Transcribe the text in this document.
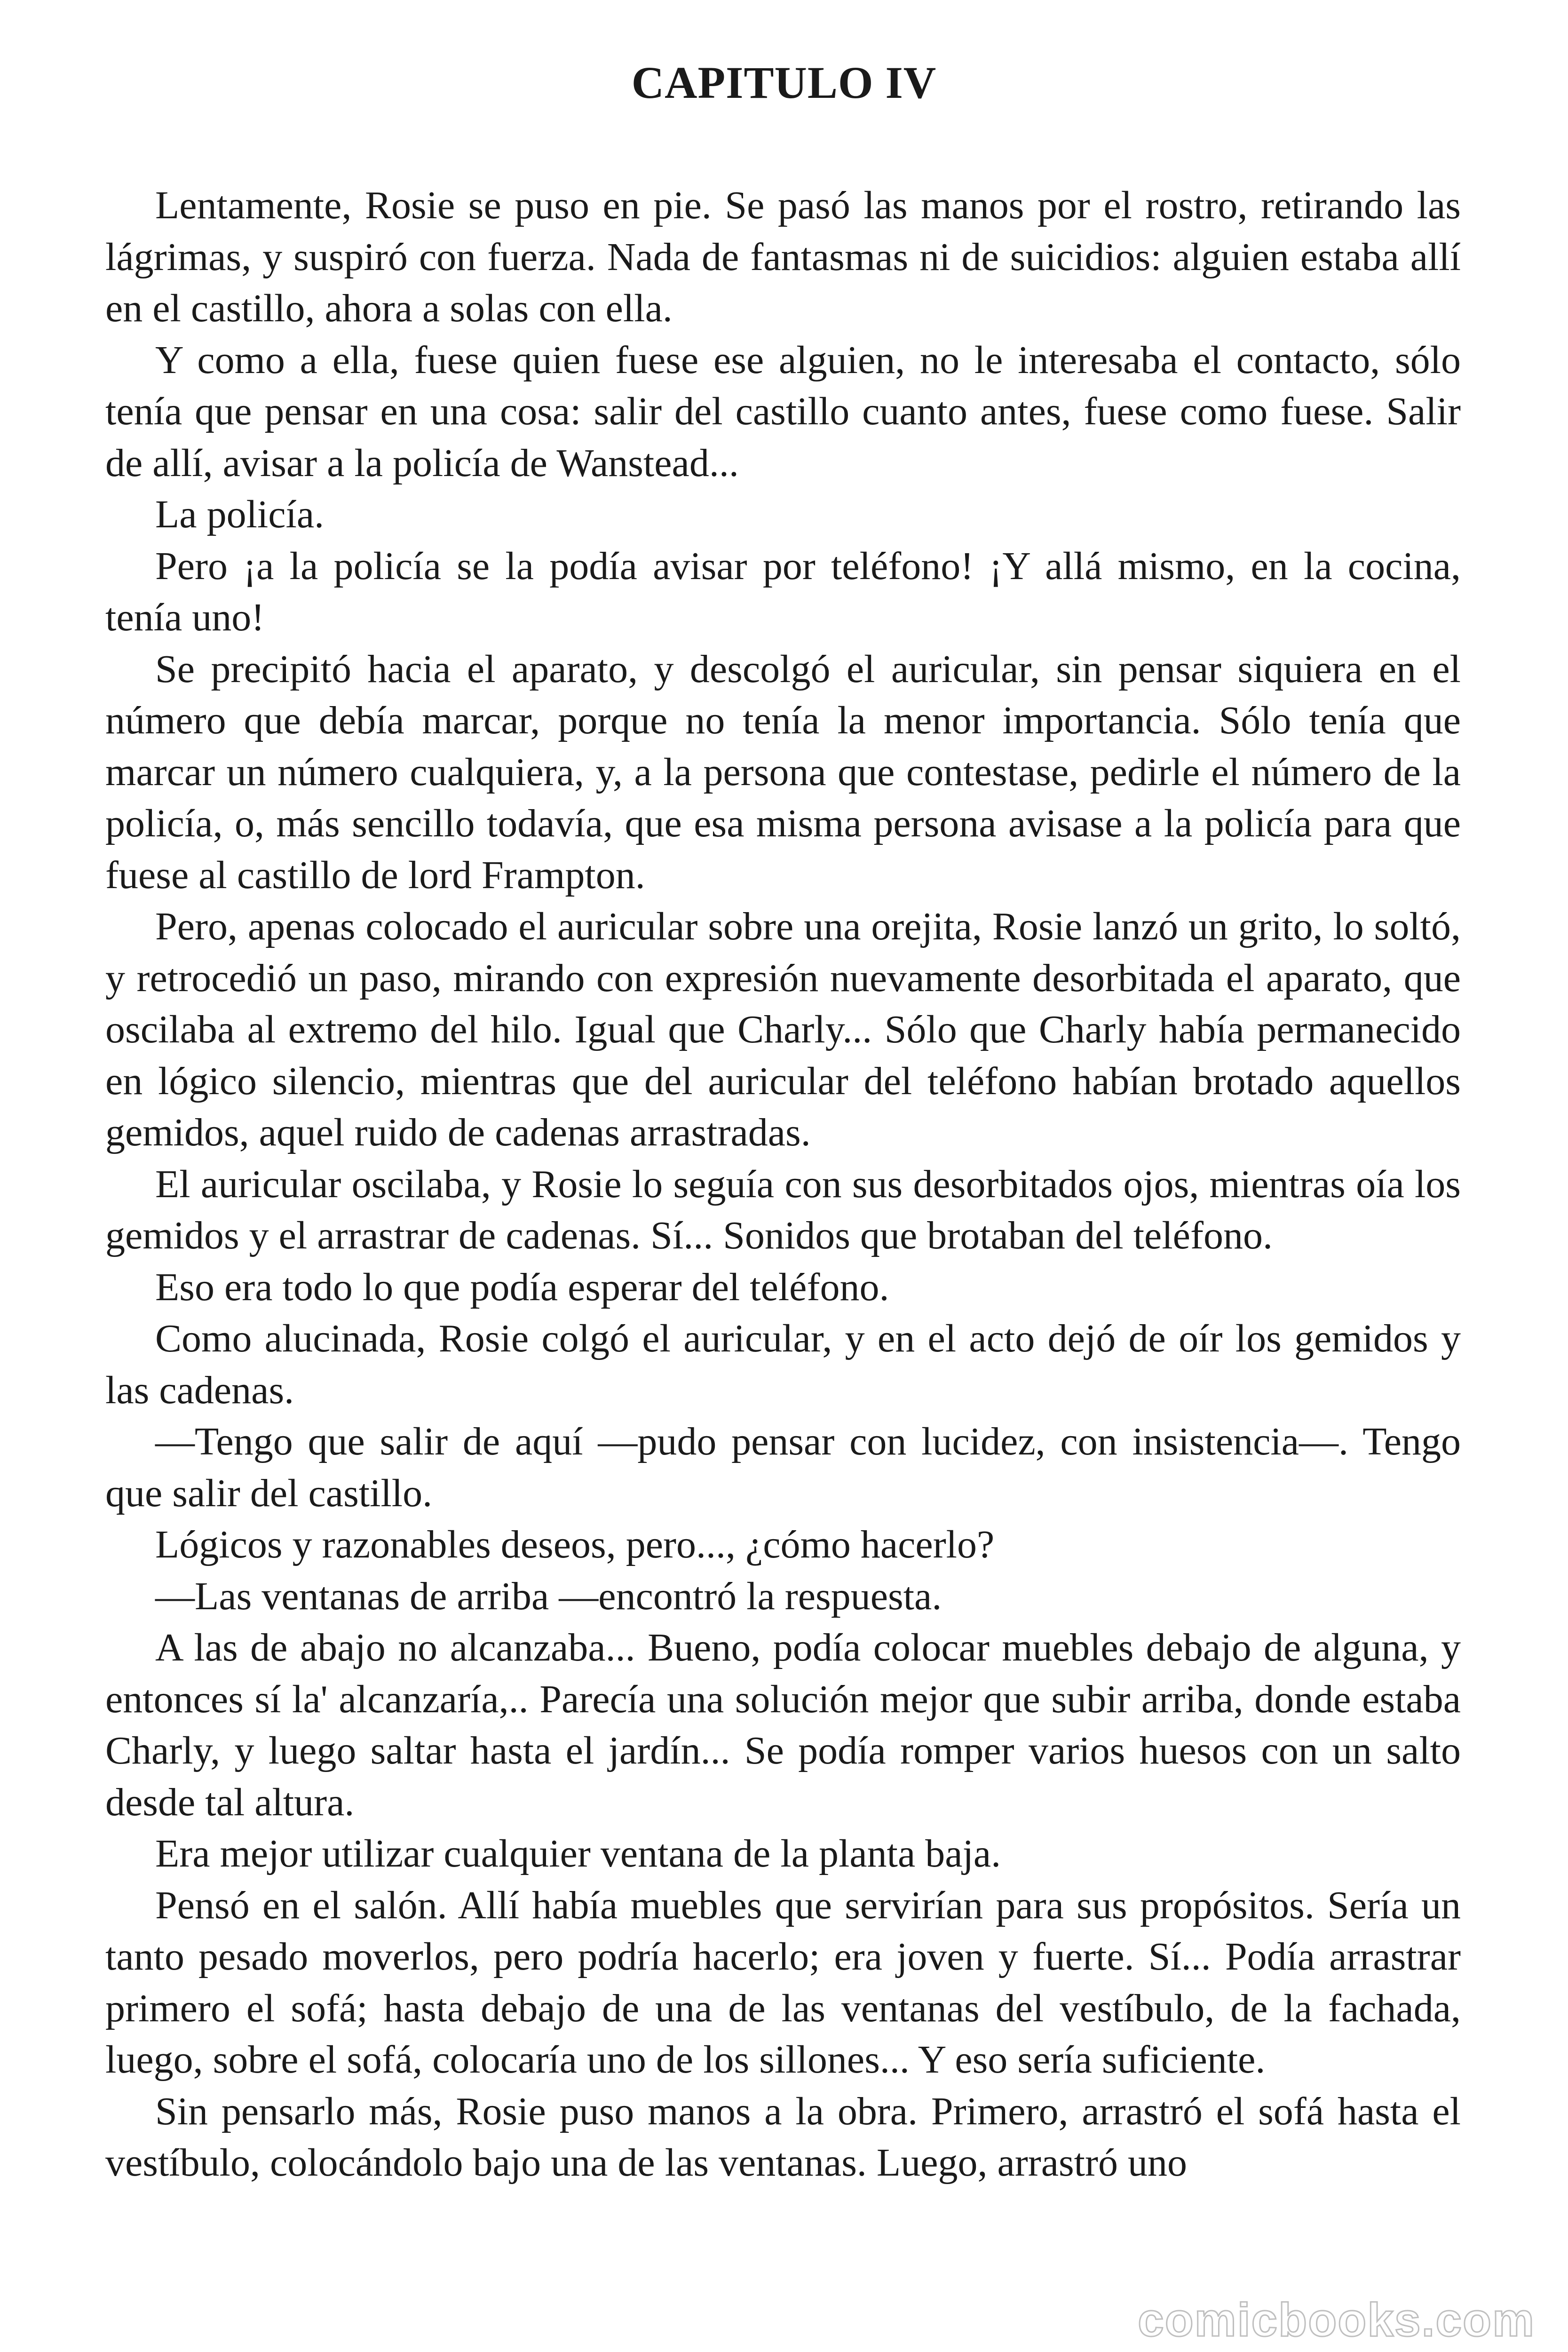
CAPITULO IV

Lentamente, Rosie se puso en pie. Se pasó las manos por el rostro, retirando las lágrimas, y suspiró con fuerza. Nada de fantasmas ni de suicidios: alguien estaba allí en el castillo, ahora a solas con ella.

Y como a ella, fuese quien fuese ese alguien, no le interesaba el contacto, sólo tenía que pensar en una cosa: salir del castillo cuanto antes, fuese como fuese. Salir de allí, avisar a la policía de Wanstead...

La policía.

Pero ¡a la policía se la podía avisar por teléfono! ¡Y allá mismo, en la cocina, tenía uno!

Se precipitó hacia el aparato, y descolgó el auricular, sin pensar siquiera en el número que debía marcar, porque no tenía la menor importancia. Sólo tenía que marcar un número cualquiera, y, a la persona que contestase, pedirle el número de la policía, o, más sencillo todavía, que esa misma persona avisase a la policía para que fuese al castillo de lord Frampton.

Pero, apenas colocado el auricular sobre una orejita, Rosie lanzó un grito, lo soltó, y retrocedió un paso, mirando con expresión nuevamente desorbitada el aparato, que oscilaba al extremo del hilo. Igual que Charly... Sólo que Charly había permanecido en lógico silencio, mientras que del auricular del teléfono habían brotado aquellos gemidos, aquel ruido de cadenas arrastradas.

El auricular oscilaba, y Rosie lo seguía con sus desorbitados ojos, mientras oía los gemidos y el arrastrar de cadenas. Sí... Sonidos que brotaban del teléfono.

Eso era todo lo que podía esperar del teléfono.

Como alucinada, Rosie colgó el auricular, y en el acto dejó de oír los gemidos y las cadenas.

—Tengo que salir de aquí —pudo pensar con lucidez, con insistencia—. Tengo que salir del castillo.

Lógicos y razonables deseos, pero..., ¿cómo hacerlo?

—Las ventanas de arriba —encontró la respuesta.

A las de abajo no alcanzaba... Bueno, podía colocar muebles debajo de alguna, y entonces sí la' alcanzaría,.. Parecía una solución mejor que subir arriba, donde estaba Charly, y luego saltar hasta el jardín... Se podía romper varios huesos con un salto desde tal altura.

Era mejor utilizar cualquier ventana de la planta baja.

Pensó en el salón. Allí había muebles que servirían para sus propósitos. Sería un tanto pesado moverlos, pero podría hacerlo; era joven y fuerte. Sí... Podía arrastrar primero el sofá; hasta debajo de una de las ventanas del vestíbulo, de la fachada, luego, sobre el sofá, colocaría uno de los sillones... Y eso sería suficiente.

Sin pensarlo más, Rosie puso manos a la obra. Primero, arrastró el sofá hasta el vestíbulo, colocándolo bajo una de las ventanas. Luego, arrastró uno

comicbooks.com
